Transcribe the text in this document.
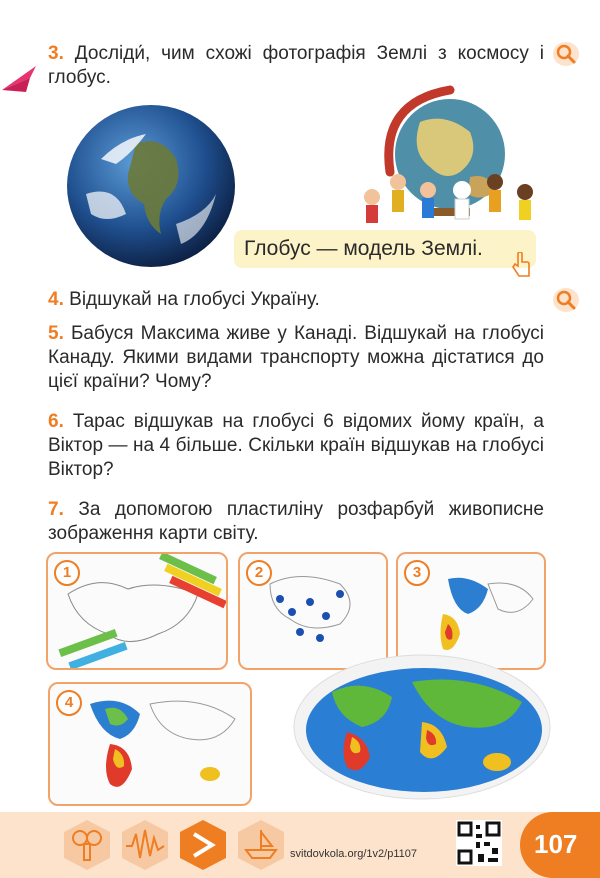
3. Досліди́, чим схожі фотографія Землі з космосу і глобус.
Глобус — модель Землі.
4. Відшукай на глобусі Україну.
5. Бабуся Максима живе у Канаді. Відшукай на глобусі Канаду. Якими видами транспорту можна дістатися до цієї країни? Чому?
6. Тарас відшукав на глобусі 6 відомих йому країн, а Віктор — на 4 більше. Скільки країн відшукав на глобусі Віктор?
7. За допомогою пластиліну розфарбуй живописне зображення карти світу.
1	2	3
4
svitdovkola.org/1v2/p1107	107
